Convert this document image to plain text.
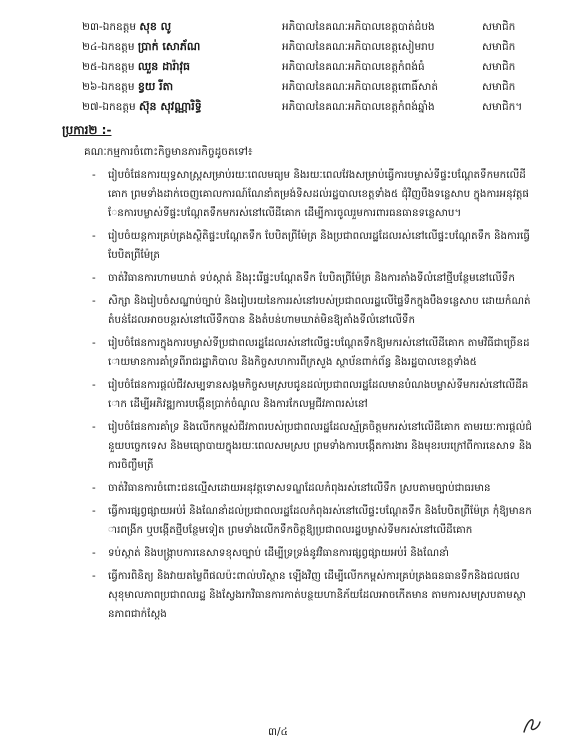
២៣-ឯកឧត្តម សុខ លូ	អភិបាលនៃគណៈអភិបាលខេត្តបាត់ដំបង	សមាជិក
២៤-ឯកឧត្តម ប្រាក់ សោភ័ណ	អភិបាលនៃគណៈអភិបាលខេត្តសៀមរាប	សមាជិក
២៥-ឯកឧត្តម ឈួន ដារ៉ាវុធ	អភិបាលនៃគណៈអភិបាលខេត្តកំពង់ធំ	សមាជិក
២៦-ឯកឧត្តម ខ្វយ រីតា	អភិបាលនៃគណៈអភិបាលខេត្តពោធិ៍សាត់	សមាជិក
២៧-ឯកឧត្តម ស៊ុន សុវណ្ណារិទ្ធិ	អភិបាលនៃគណៈអភិបាលខេត្តកំពង់ឆ្នាំង	សមាជិក។
ប្រការ២ :-
គណៈកម្មការចំពោះកិច្ចមានភារកិច្ចដូចតទៅ៖
-	រៀបចំផែនការយុទ្ធសាស្ត្រសម្រាប់រយៈពេលមធ្យម និងរយៈពេលវែងសម្រាប់ធ្វើការបម្លាស់ទីផ្ទះបណ្ដែតទឹកមកលើដីគោក ព្រមទាំងដាក់ចេញគោលការណ៍ណែនាំតម្រង់ទិសដល់រដ្ឋបាលខេត្តទាំង៥ ជុំវិញបឹងទន្លេសាប ក្នុងការអនុវត្តផែនការបម្លាស់ទីផ្ទះបណ្ដែតទឹកមករស់នៅលើដីគោក ដើម្បីការចូលរួមការពារធនធានទន្លេសាប។
-	រៀបចំយន្តការគ្រប់គ្រងស្ថិតិផ្ទះបណ្ដែតទឹក បែបិតព្រីម៉ែត្រ និងប្រជាពលរដ្ឋដែលរស់នៅលើផ្ទះបណ្ដែតទឹក និងការធ្វើបែបិតព្រីម៉ែត្រ
-	ចាត់វិធានការហាមឃាត់ ទប់ស្កាត់ និងរុះរើផ្ទះបណ្ដែតទឹក បែបិតព្រីម៉ែត្រ និងការតាំងទីលំនៅថ្មីបន្ថែមនៅលើទឹក
-	សិក្សា និងរៀបចំសណ្ឋាប់ច្បាប់ និងរៀបរយនៃការរស់នៅរបស់ប្រជាពលរដ្ឋលើផ្ទៃទឹកក្នុងបឹងទន្លេសាប ដោយកំណត់តំបន់ដែលអាចបន្តរស់នៅលើទឹកបាន និងតំបន់ហាមឃាត់មិនឱ្យតាំងទីលំនៅលើទឹក
-	រៀបចំផែនការក្នុងការបម្លាស់ទីប្រជាពលរដ្ឋដែលរស់នៅលើផ្ទះបណ្ដែតទឹកឱ្យមករស់នៅលើដីគោក តាមវិធីជាច្រើនដោយមានការគាំទ្រពីរាជរដ្ឋាភិបាល និងកិច្ចសហការពីក្រសួង ស្ថាប័នពាក់ព័ន្ធ និងរដ្ឋបាលខេត្តទាំង៥
-	រៀបចំផែនការផ្ដល់ជីវសម្បទានសង្គមកិច្ចសមស្របជូនដល់ប្រជាពលរដ្ឋដែលមានបំណងបម្លាស់ទីមករស់នៅលើដីគោក ដើម្បីអភិវឌ្ឍការបង្កើនប្រាក់ចំណូល និងការកែលម្អជីវភាពរស់នៅ
-	រៀបចំផែនការគាំទ្រ និងលើកកម្ពស់ជីវភាពរបស់ប្រជាពលរដ្ឋដែលស្ម័គ្រចិត្តមករស់នៅលើដីគោក តាមរយៈការផ្ដល់ជំនួយបច្ចេកទេស និងមធ្យោបាយក្នុងរយៈពេលសមស្រប ព្រមទាំងការបង្កើតការងារ និងមុខរបរក្រៅពីការនេសាទ និងការចិញ្ចឹមត្រី
-	ចាត់វិធានការចំពោះជនល្មើសដោយអនុវត្តទោសទណ្ឌដែលកំពុងរស់នៅលើទឹក ស្របតាមច្បាប់ជាធរមាន
-	ធ្វើការផ្សព្វផ្សាយអប់រំ និងណែនាំដល់ប្រជាពលរដ្ឋដែលកំពុងរស់នៅលើផ្ទះបណ្ដែតទឹក និងបែបិតព្រីម៉ែត្រ កុំឱ្យមានការពង្រីក ឬបង្កើតថ្មីបន្ថែមទៀត ព្រមទាំងលើកទឹកចិត្តឱ្យប្រជាពលរដ្ឋបម្លាស់ទីមករស់នៅលើដីគោក
-	ទប់ស្កាត់ និងបង្ក្រាបការនេសាទខុសច្បាប់ ដើម្បីទ្រទ្រង់នូវវិធានការផ្សព្វផ្សាយអប់រំ និងណែនាំ
-	ធ្វើការពិនិត្យ និងវាយតម្លៃពីផលប៉ះពាល់បរិស្ថាន ឡើងវិញ ដើម្បីលើកកម្ពស់ការគ្រប់គ្រងធនធានទឹកនិងជលផល សុខុមាលភាពប្រជាពលរដ្ឋ និងស្វែងរកវិធានការកាត់បន្ថយហានិភ័យដែលអាចកើតមាន តាមការសមស្របតាមស្ថានភាពជាក់ស្ដែង
៣/៤
